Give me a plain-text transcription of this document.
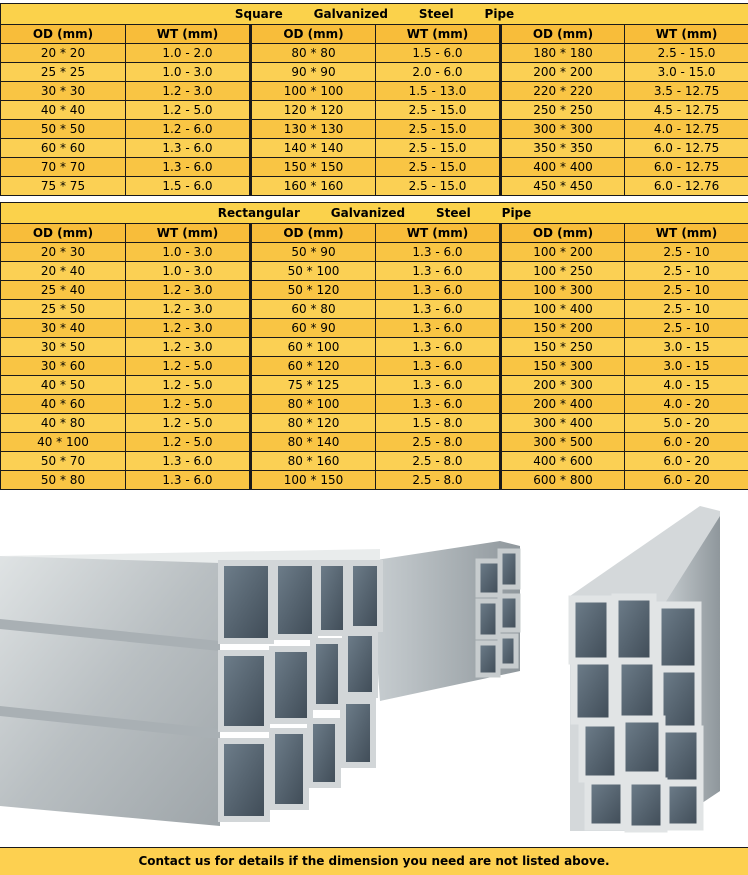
Square     Galvanized     Steel     Pipe					
OD (mm)	WT (mm)	OD (mm)	WT (mm)	OD (mm)	WT (mm)
20 * 20	1.0 - 2.0	80 * 80	1.5 - 6.0	180 * 180	2.5 - 15.0
25 * 25	1.0 - 3.0	90 * 90	2.0 - 6.0	200 * 200	3.0 - 15.0
30 * 30	1.2 - 3.0	100 * 100	1.5 - 13.0	220 * 220	3.5 - 12.75
40 * 40	1.2 - 5.0	120 * 120	2.5 - 15.0	250 * 250	4.5 - 12.75
50 * 50	1.2 - 6.0	130 * 130	2.5 - 15.0	300 * 300	4.0 - 12.75
60 * 60	1.3 - 6.0	140 * 140	2.5 - 15.0	350 * 350	6.0 - 12.75
70 * 70	1.3 - 6.0	150 * 150	2.5 - 15.0	400 * 400	6.0 - 12.75
75 * 75	1.5 - 6.0	160 * 160	2.5 - 15.0	450 * 450	6.0 - 12.76
Rectangular     Galvanized     Steel     Pipe					
OD (mm)	WT (mm)	OD (mm)	WT (mm)	OD (mm)	WT (mm)
20 * 30	1.0 - 3.0	50 * 90	1.3 - 6.0	100 * 200	2.5 - 10
20 * 40	1.0 - 3.0	50 * 100	1.3 - 6.0	100 * 250	2.5 - 10
25 * 40	1.2 - 3.0	50 * 120	1.3 - 6.0	100 * 300	2.5 - 10
25 * 50	1.2 - 3.0	60 * 80	1.3 - 6.0	100 * 400	2.5 - 10
30 * 40	1.2 - 3.0	60 * 90	1.3 - 6.0	150 * 200	2.5 - 10
30 * 50	1.2 - 3.0	60 * 100	1.3 - 6.0	150 * 250	3.0 - 15
30 * 60	1.2 - 5.0	60 * 120	1.3 - 6.0	150 * 300	3.0 - 15
40 * 50	1.2 - 5.0	75 * 125	1.3 - 6.0	200 * 300	4.0 - 15
40 * 60	1.2 - 5.0	80 * 100	1.3 - 6.0	200 * 400	4.0 - 20
40 * 80	1.2 - 5.0	80 * 120	1.5 - 8.0	300 * 400	5.0 - 20
40 * 100	1.2 - 5.0	80 * 140	2.5 - 8.0	300 * 500	6.0 - 20
50 * 70	1.3 - 6.0	80 * 160	2.5 - 8.0	400 * 600	6.0 - 20
50 * 80	1.3 - 6.0	100 * 150	2.5 - 8.0	600 * 800	6.0 - 20
Contact us for details if the dimension you need are not listed above.
